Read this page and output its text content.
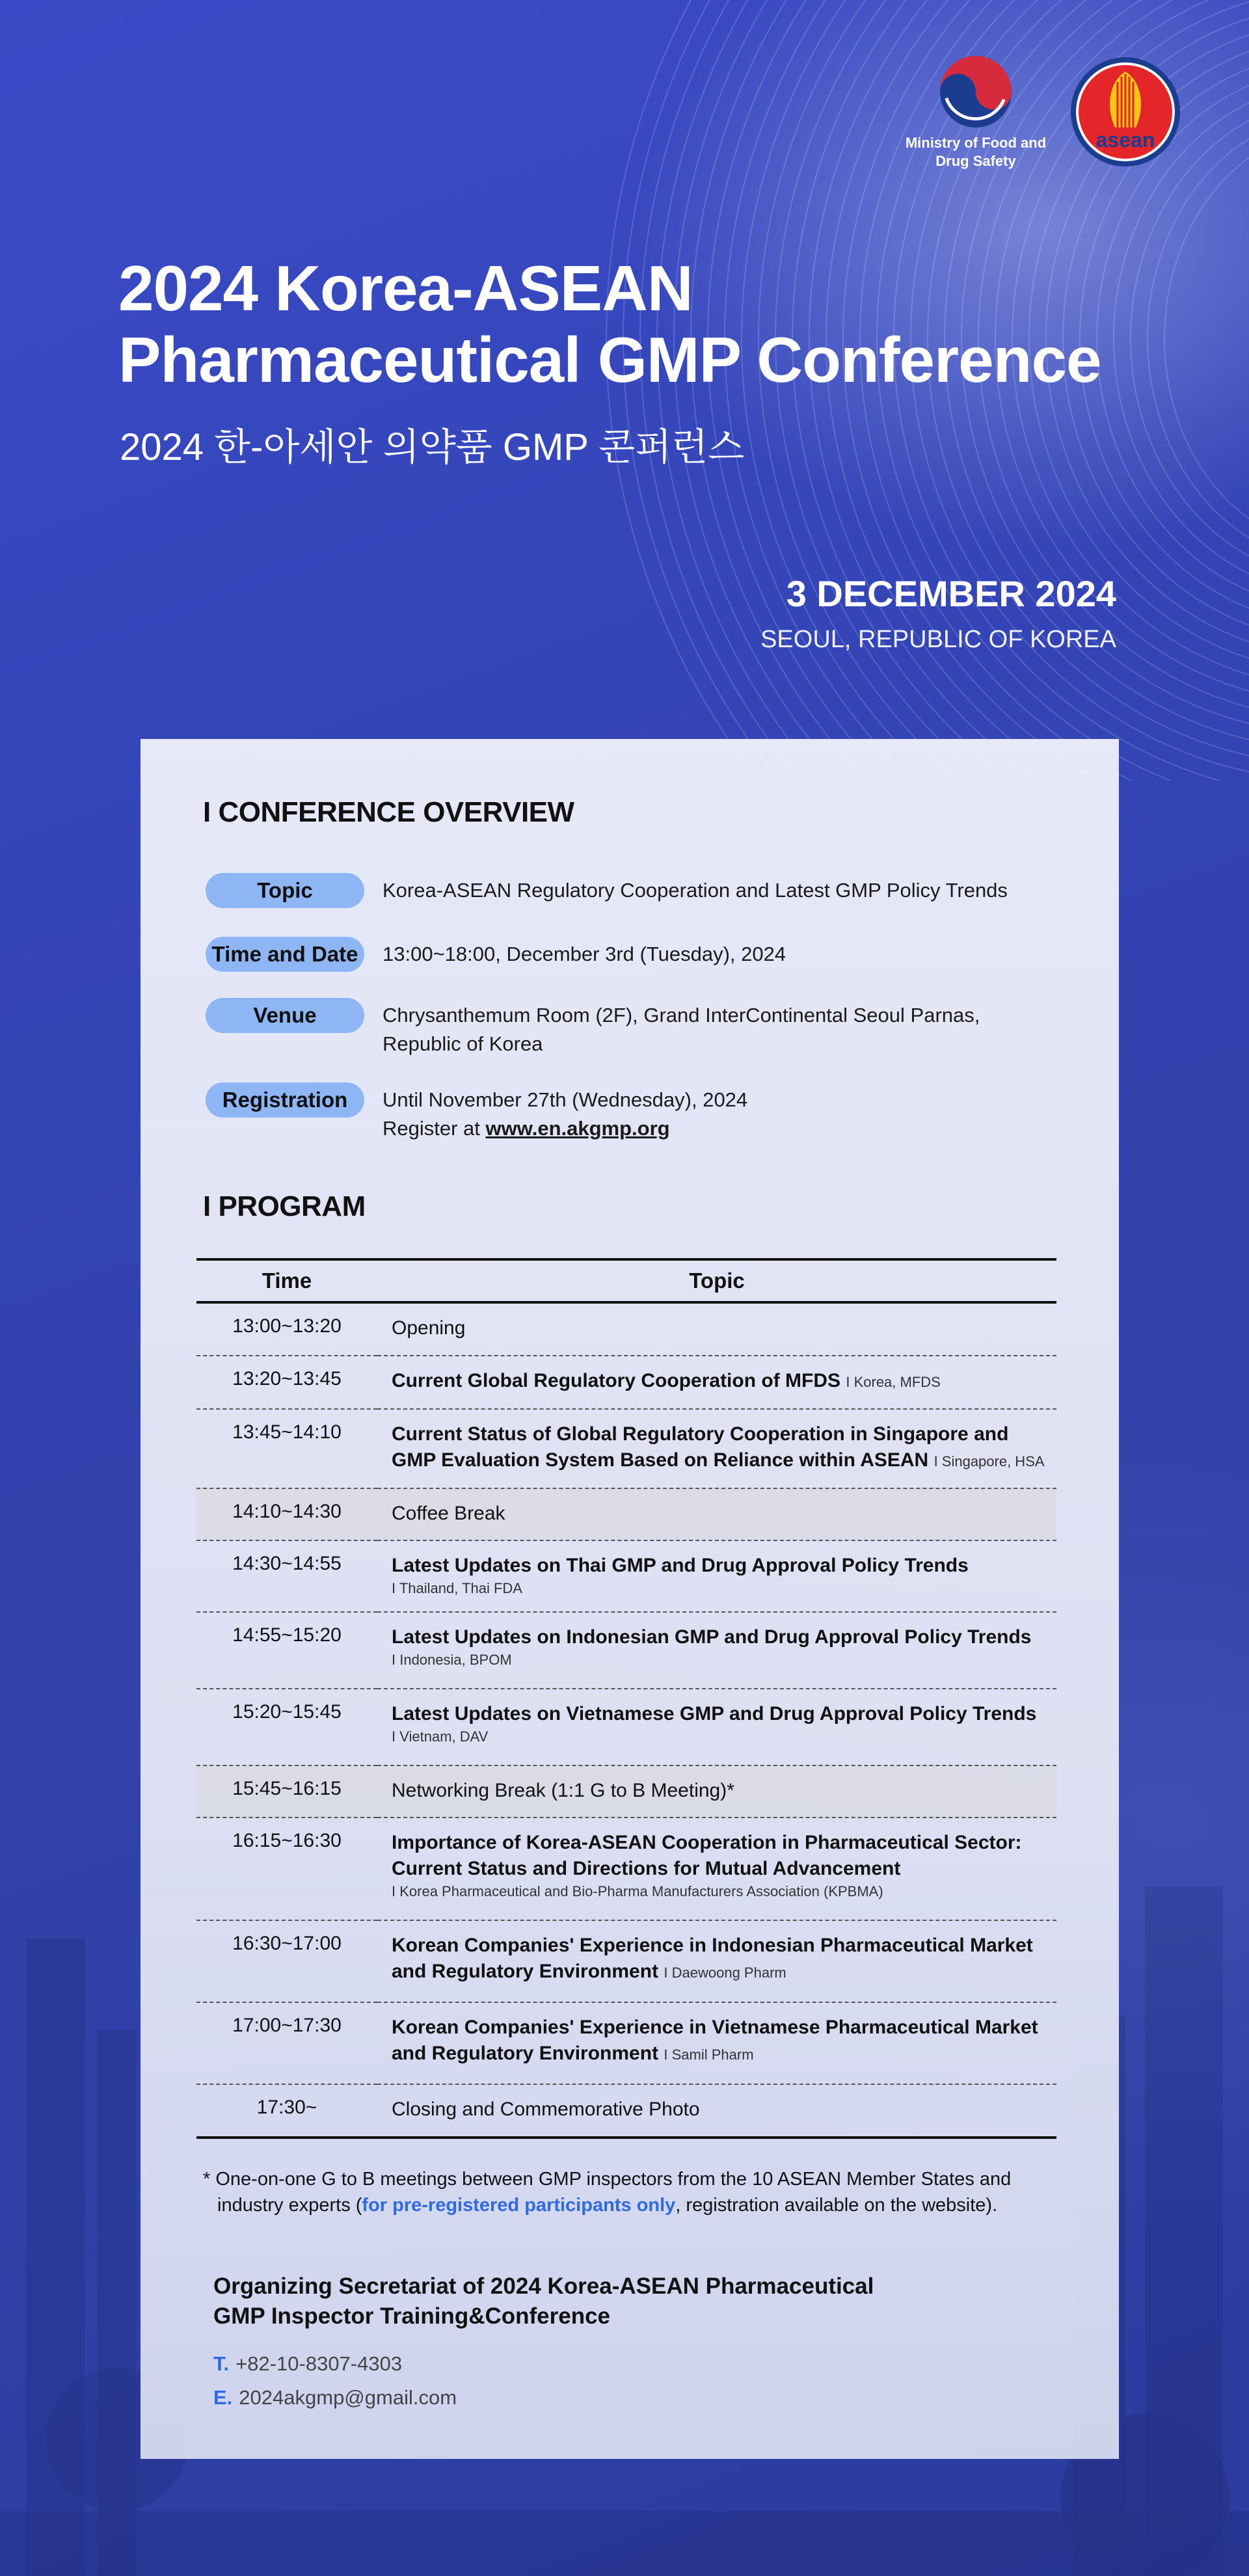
Ministry of Food and
Drug Safety
asean
2024 Korea-ASEAN
Pharmaceutical GMP Conference
2024 한-아세안 의약품 GMP 콘퍼런스
3 DECEMBER 2024
SEOUL, REPUBLIC OF KOREA
I CONFERENCE OVERVIEW
Topic	Korea-ASEAN Regulatory Cooperation and Latest GMP Policy Trends
Time and Date	13:00~18:00, December 3rd (Tuesday), 2024
Venue	Chrysanthemum Room (2F), Grand InterContinental Seoul Parnas,
Republic of Korea
Registration	Until November 27th (Wednesday), 2024
Register at www.en.akgmp.org
I PROGRAM
Time	Topic
13:00~13:20	Opening

13:20~13:45	Current Global Regulatory Cooperation of MFDS I Korea, MFDS

13:45~14:10	Current Status of Global Regulatory Cooperation in Singapore and
GMP Evaluation System Based on Reliance within ASEAN I Singapore, HSA

14:10~14:30	Coffee Break

14:30~14:55	Latest Updates on Thai GMP and Drug Approval Policy Trends
I Thailand, Thai FDA

14:55~15:20	Latest Updates on Indonesian GMP and Drug Approval Policy Trends
I Indonesia, BPOM

15:20~15:45	Latest Updates on Vietnamese GMP and Drug Approval Policy Trends
I Vietnam, DAV

15:45~16:15	Networking Break (1:1 G to B Meeting)*

16:15~16:30	Importance of Korea-ASEAN Cooperation in Pharmaceutical Sector:
Current Status and Directions for Mutual Advancement
I Korea Pharmaceutical and Bio-Pharma Manufacturers Association (KPBMA)

16:30~17:00	Korean Companies' Experience in Indonesian Pharmaceutical Market
and Regulatory Environment I Daewoong Pharm

17:00~17:30	Korean Companies' Experience in Vietnamese Pharmaceutical Market
and Regulatory Environment I Samil Pharm

17:30~	Closing and Commemorative Photo
* One-on-one G to B meetings between GMP inspectors from the 10 ASEAN Member States and
industry experts (for pre-registered participants only, registration available on the website).
Organizing Secretariat of 2024 Korea-ASEAN Pharmaceutical
GMP Inspector Training&Conference
T. +82-10-8307-4303
E. 2024akgmp@gmail.com
